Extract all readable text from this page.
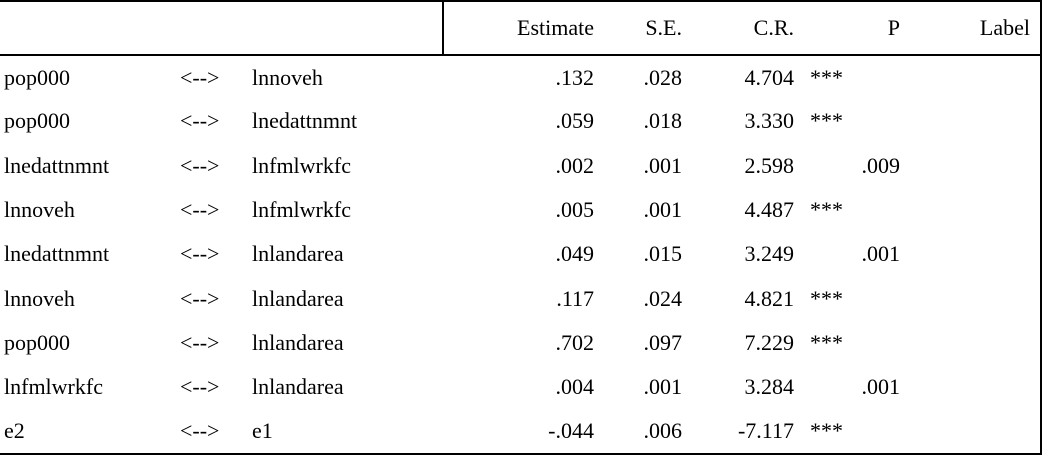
			Estimate	S.E.	C.R.	P	Label
pop000	<-->	lnnoveh	.132	.028	4.704	***	
pop000	<-->	lnedattnmnt	.059	.018	3.330	***	
lnedattnmnt	<-->	lnfmlwrkfc	.002	.001	2.598	.009	
lnnoveh	<-->	lnfmlwrkfc	.005	.001	4.487	***	
lnedattnmnt	<-->	lnlandarea	.049	.015	3.249	.001	
lnnoveh	<-->	lnlandarea	.117	.024	4.821	***	
pop000	<-->	lnlandarea	.702	.097	7.229	***	
lnfmlwrkfc	<-->	lnlandarea	.004	.001	3.284	.001	
e2	<-->	e1	-.044	.006	-7.117	***	
